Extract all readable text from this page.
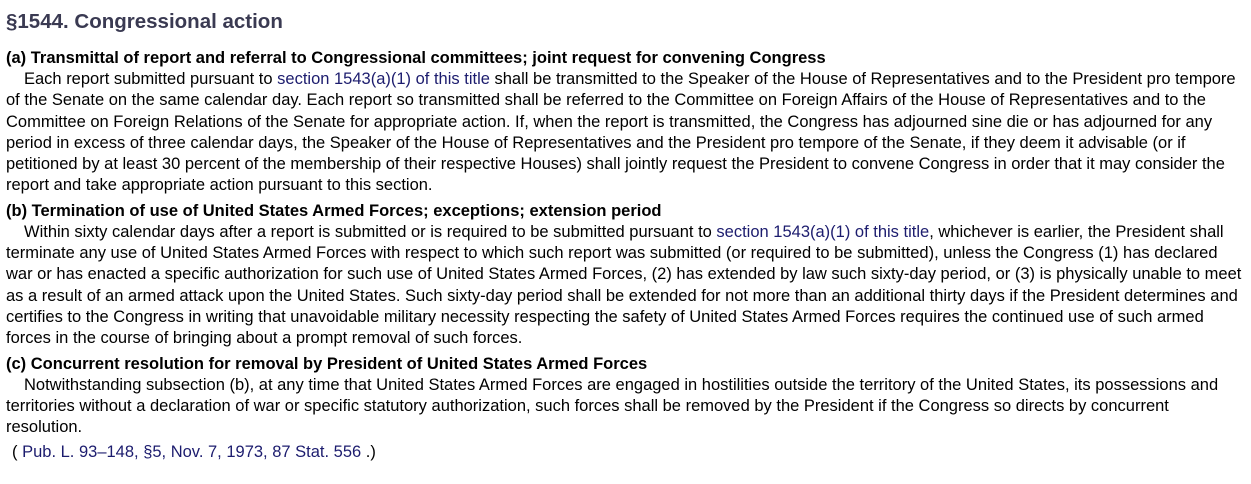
§1544. Congressional action
(a) Transmittal of report and referral to Congressional committees; joint request for convening Congress

Each report submitted pursuant to section 1543(a)(1) of this title shall be transmitted to the Speaker of the House of Representatives and to the President pro tempore of the Senate on the same calendar day. Each report so transmitted shall be referred to the Committee on Foreign Affairs of the House of Representatives and to the Committee on Foreign Relations of the Senate for appropriate action. If, when the report is transmitted, the Congress has adjourned sine die or has adjourned for any period in excess of three calendar days, the Speaker of the House of Representatives and the President pro tempore of the Senate, if they deem it advisable (or if petitioned by at least 30 percent of the membership of their respective Houses) shall jointly request the President to convene Congress in order that it may consider the report and take appropriate action pursuant to this section.

(b) Termination of use of United States Armed Forces; exceptions; extension period

Within sixty calendar days after a report is submitted or is required to be submitted pursuant to section 1543(a)(1) of this title, whichever is earlier, the President shall terminate any use of United States Armed Forces with respect to which such report was submitted (or required to be submitted), unless the Congress (1) has declared war or has enacted a specific authorization for such use of United States Armed Forces, (2) has extended by law such sixty-day period, or (3) is physically unable to meet as a result of an armed attack upon the United States. Such sixty-day period shall be extended for not more than an additional thirty days if the President determines and certifies to the Congress in writing that unavoidable military necessity respecting the safety of United States Armed Forces requires the continued use of such armed forces in the course of bringing about a prompt removal of such forces.

(c) Concurrent resolution for removal by President of United States Armed Forces

Notwithstanding subsection (b), at any time that United States Armed Forces are engaged in hostilities outside the territory of the United States, its possessions and territories without a declaration of war or specific statutory authorization, such forces shall be removed by the President if the Congress so directs by concurrent resolution.

( Pub. L. 93–148, §5, Nov. 7, 1973, 87 Stat. 556 .)
